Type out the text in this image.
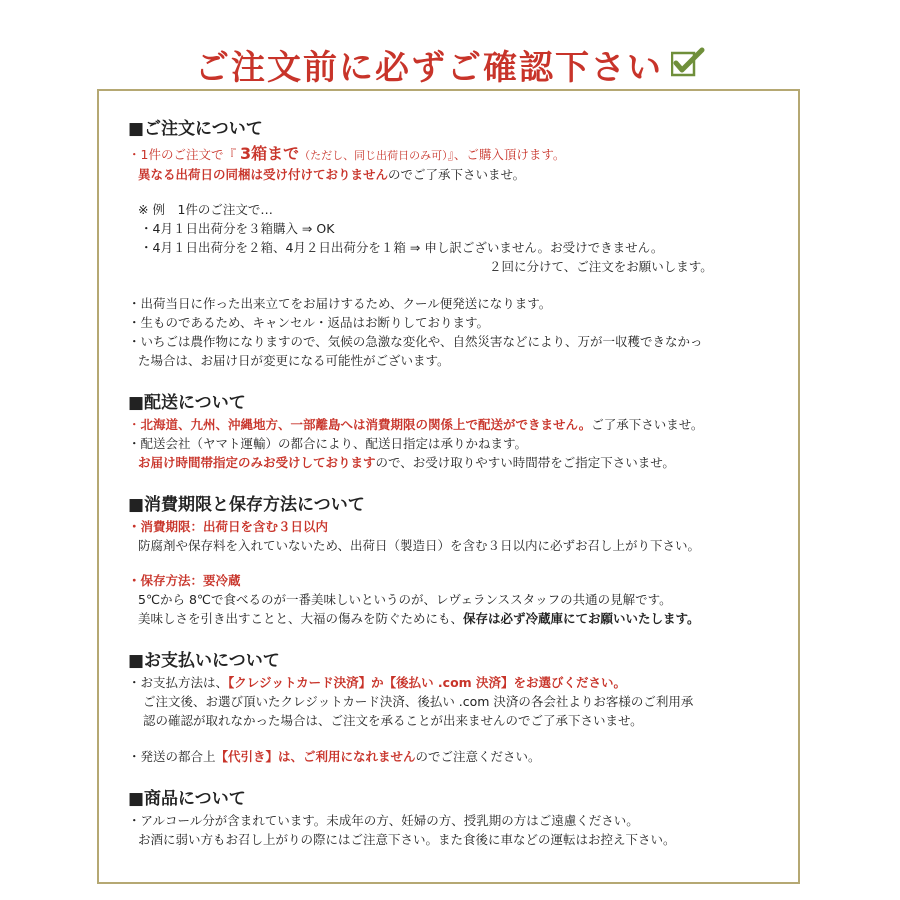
ご注文前に必ずご確認下さい
■ご注文について
・1件のご注文で『 3箱まで（ただし、同じ出荷日のみ可）』、ご購入頂けます。
異なる出荷日の同梱は受け付けておりませんのでご了承下さいませ。
※ 例　1件のご注文で…
・4月１日出荷分を３箱購入 ⇒ OK
・4月１日出荷分を２箱、4月２日出荷分を１箱 ⇒ 申し訳ございません。お受けできません。
２回に分けて、ご注文をお願いします。
・出荷当日に作った出来立てをお届けするため、クール便発送になります。
・生ものであるため、キャンセル・返品はお断りしております。
・いちごは農作物になりますので、気候の急激な変化や、自然災害などにより、万が一収穫できなかっ
た場合は、お届け日が変更になる可能性がございます。
■配送について
・北海道、九州、沖縄地方、一部離島へは消費期限の関係上で配送ができません。ご了承下さいませ。
・配送会社（ヤマト運輸）の都合により、配送日指定は承りかねます。
お届け時間帯指定のみお受けしておりますので、お受け取りやすい時間帯をご指定下さいませ。
■消費期限と保存方法について
・消費期限：出荷日を含む３日以内
防腐剤や保存料を入れていないため、出荷日（製造日）を含む３日以内に必ずお召し上がり下さい。
・保存方法：要冷蔵
5℃から 8℃で食べるのが一番美味しいというのが、レヴェランススタッフの共通の見解です。
美味しさを引き出すことと、大福の傷みを防ぐためにも、保存は必ず冷蔵庫にてお願いいたします。
■お支払いについて
・お支払方法は、【クレジットカード決済】か【後払い .com 決済】をお選びください。
ご注文後、お選び頂いたクレジットカード決済、後払い .com 決済の各会社よりお客様のご利用承
認の確認が取れなかった場合は、ご注文を承ることが出来ませんのでご了承下さいませ。
・発送の都合上【代引き】は、ご利用になれませんのでご注意ください。
■商品について
・アルコール分が含まれています。未成年の方、妊婦の方、授乳期の方はご遠慮ください。
お酒に弱い方もお召し上がりの際にはご注意下さい。また食後に車などの運転はお控え下さい。
